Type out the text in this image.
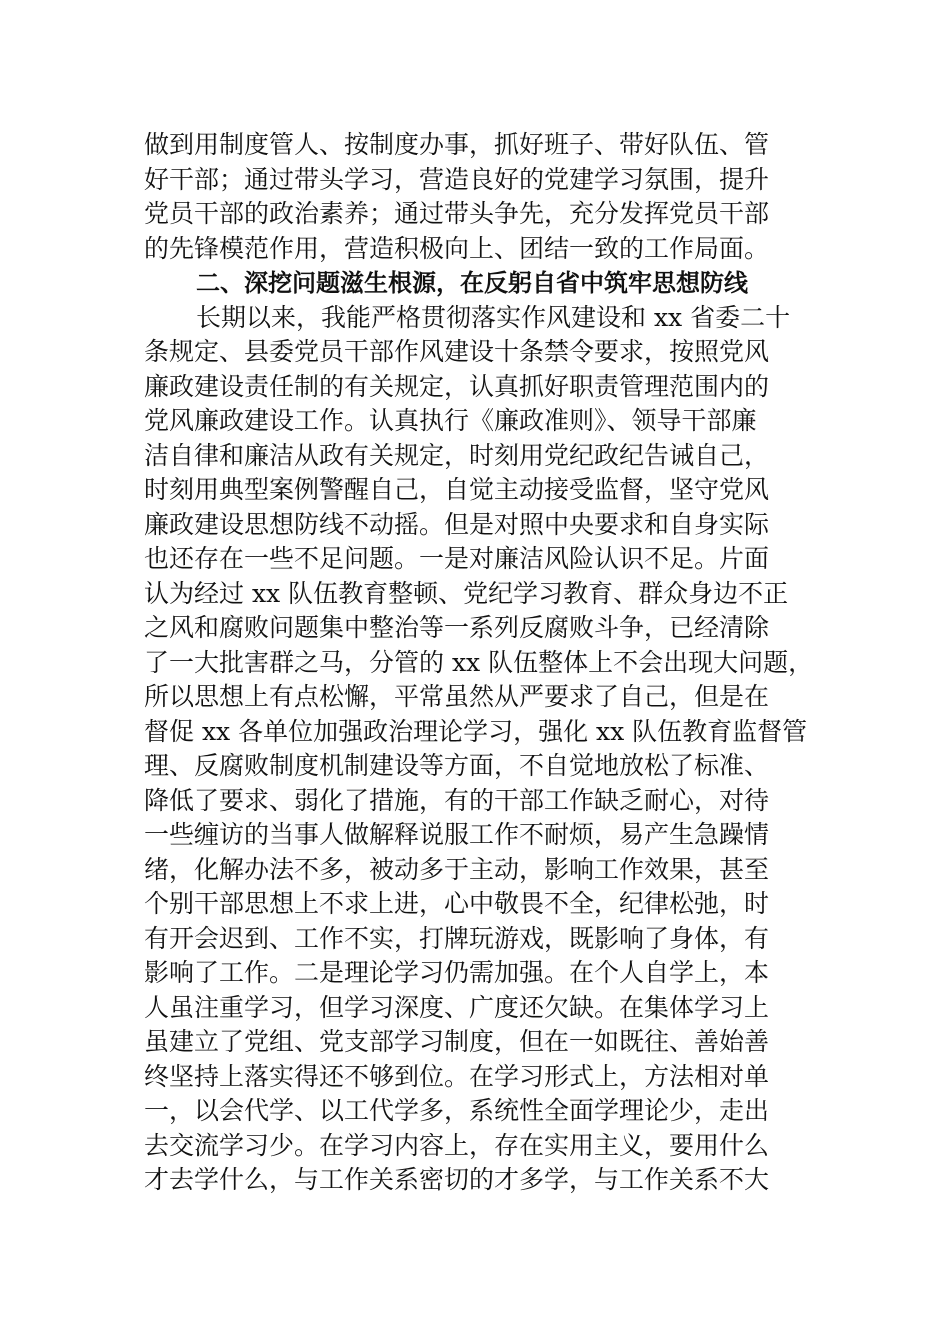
做到用制度管人、按制度办事，抓好班子、带好队伍、管
好干部；通过带头学习，营造良好的党建学习氛围，提升
党员干部的政治素养；通过带头争先，充分发挥党员干部
的先锋模范作用，营造积极向上、团结一致的工作局面。
二、深挖问题滋生根源，在反躬自省中筑牢思想防线
长期以来，我能严格贯彻落实作风建设和 xx 省委二十
条规定、县委党员干部作风建设十条禁令要求，按照党风
廉政建设责任制的有关规定，认真抓好职责管理范围内的
党风廉政建设工作。认真执行《廉政准则》、领导干部廉
洁自律和廉洁从政有关规定，时刻用党纪政纪告诫自己，
时刻用典型案例警醒自己，自觉主动接受监督，坚守党风
廉政建设思想防线不动摇。但是对照中央要求和自身实际
也还存在一些不足问题。一是对廉洁风险认识不足。片面
认为经过 xx 队伍教育整顿、党纪学习教育、群众身边不正
之风和腐败问题集中整治等一系列反腐败斗争，已经清除
了一大批害群之马，分管的 xx 队伍整体上不会出现大问题，
所以思想上有点松懈，平常虽然从严要求了自己，但是在
督促 xx 各单位加强政治理论学习，强化 xx 队伍教育监督管
理、反腐败制度机制建设等方面，不自觉地放松了标准、
降低了要求、弱化了措施，有的干部工作缺乏耐心，对待
一些缠访的当事人做解释说服工作不耐烦，易产生急躁情
绪，化解办法不多，被动多于主动，影响工作效果，甚至
个别干部思想上不求上进，心中敬畏不全，纪律松弛，时
有开会迟到、工作不实，打牌玩游戏，既影响了身体，有
影响了工作。二是理论学习仍需加强。在个人自学上，本
人虽注重学习，但学习深度、广度还欠缺。在集体学习上
虽建立了党组、党支部学习制度，但在一如既往、善始善
终坚持上落实得还不够到位。在学习形式上，方法相对单
一，以会代学、以工代学多，系统性全面学理论少，走出
去交流学习少。在学习内容上，存在实用主义，要用什么
才去学什么，与工作关系密切的才多学，与工作关系不大
